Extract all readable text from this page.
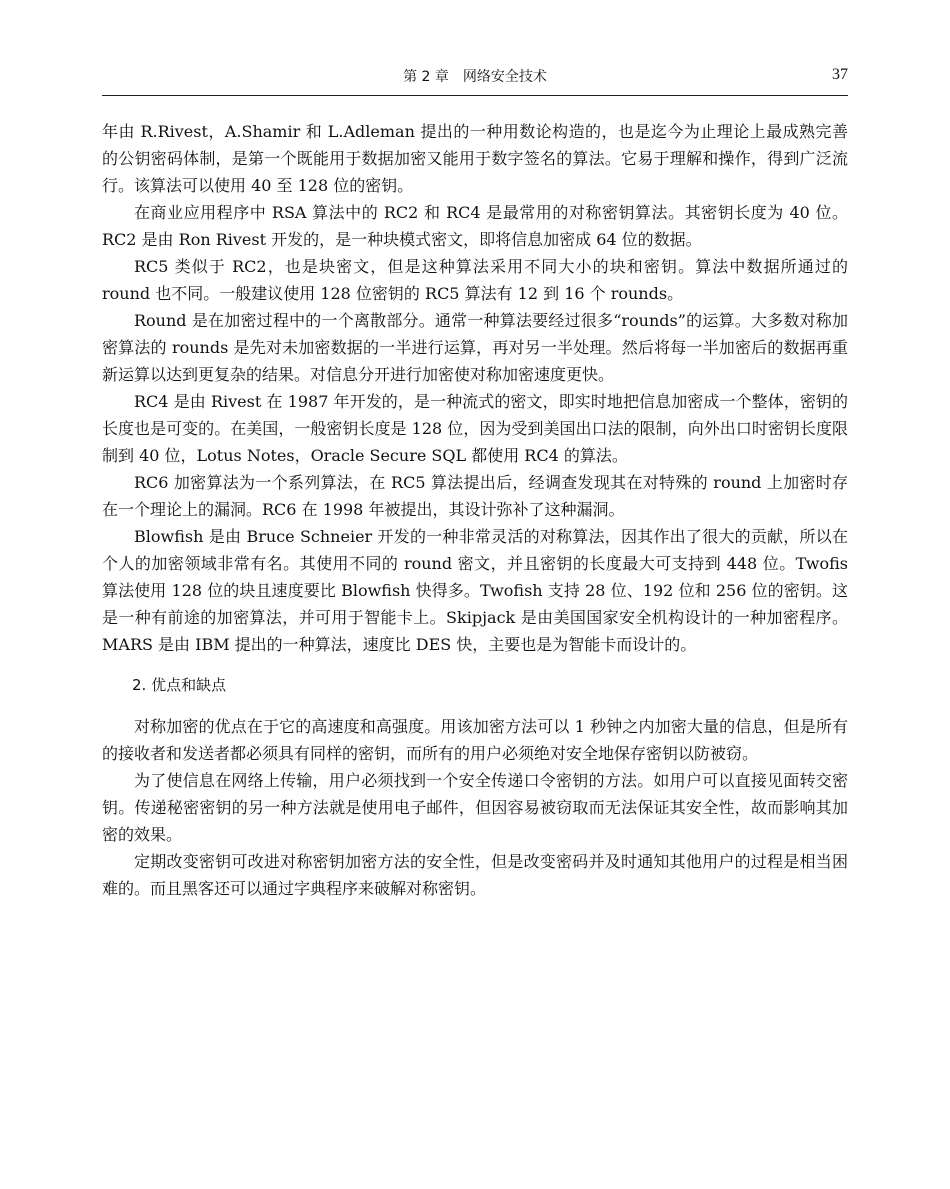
第 2 章　网络安全技术	37

年由 R.Rivest，A.Shamir 和 L.Adleman 提出的一种用数论构造的，也是迄今为止理论上最成熟完善的公钥密码体制，是第一个既能用于数据加密又能用于数字签名的算法。它易于理解和操作，得到广泛流行。该算法可以使用 40 至 128 位的密钥。

在商业应用程序中 RSA 算法中的 RC2 和 RC4 是最常用的对称密钥算法。其密钥长度为 40 位。RC2 是由 Ron Rivest 开发的，是一种块模式密文，即将信息加密成 64 位的数据。

RC5 类似于 RC2，也是块密文，但是这种算法采用不同大小的块和密钥。算法中数据所通过的 round 也不同。一般建议使用 128 位密钥的 RC5 算法有 12 到 16 个 rounds。

Round 是在加密过程中的一个离散部分。通常一种算法要经过很多“rounds”的运算。大多数对称加密算法的 rounds 是先对未加密数据的一半进行运算，再对另一半处理。然后将每一半加密后的数据再重新运算以达到更复杂的结果。对信息分开进行加密使对称加密速度更快。

RC4 是由 Rivest 在 1987 年开发的，是一种流式的密文，即实时地把信息加密成一个整体，密钥的长度也是可变的。在美国，一般密钥长度是 128 位，因为受到美国出口法的限制，向外出口时密钥长度限制到 40 位，Lotus Notes，Oracle Secure SQL 都使用 RC4 的算法。

RC6 加密算法为一个系列算法，在 RC5 算法提出后，经调查发现其在对特殊的 round 上加密时存在一个理论上的漏洞。RC6 在 1998 年被提出，其设计弥补了这种漏洞。

Blowfish 是由 Bruce Schneier 开发的一种非常灵活的对称算法，因其作出了很大的贡献，所以在个人的加密领域非常有名。其使用不同的 round 密文，并且密钥的长度最大可支持到 448 位。Twofis 算法使用 128 位的块且速度要比 Blowfish 快得多。Twofish 支持 28 位、192 位和 256 位的密钥。这是一种有前途的加密算法，并可用于智能卡上。Skipjack 是由美国国家安全机构设计的一种加密程序。MARS 是由 IBM 提出的一种算法，速度比 DES 快，主要也是为智能卡而设计的。

2. 优点和缺点

对称加密的优点在于它的高速度和高强度。用该加密方法可以 1 秒钟之内加密大量的信息，但是所有的接收者和发送者都必须具有同样的密钥，而所有的用户必须绝对安全地保存密钥以防被窃。

为了使信息在网络上传输，用户必须找到一个安全传递口令密钥的方法。如用户可以直接见面转交密钥。传递秘密密钥的另一种方法就是使用电子邮件，但因容易被窃取而无法保证其安全性，故而影响其加密的效果。

定期改变密钥可改进对称密钥加密方法的安全性，但是改变密码并及时通知其他用户的过程是相当困难的。而且黑客还可以通过字典程序来破解对称密钥。
